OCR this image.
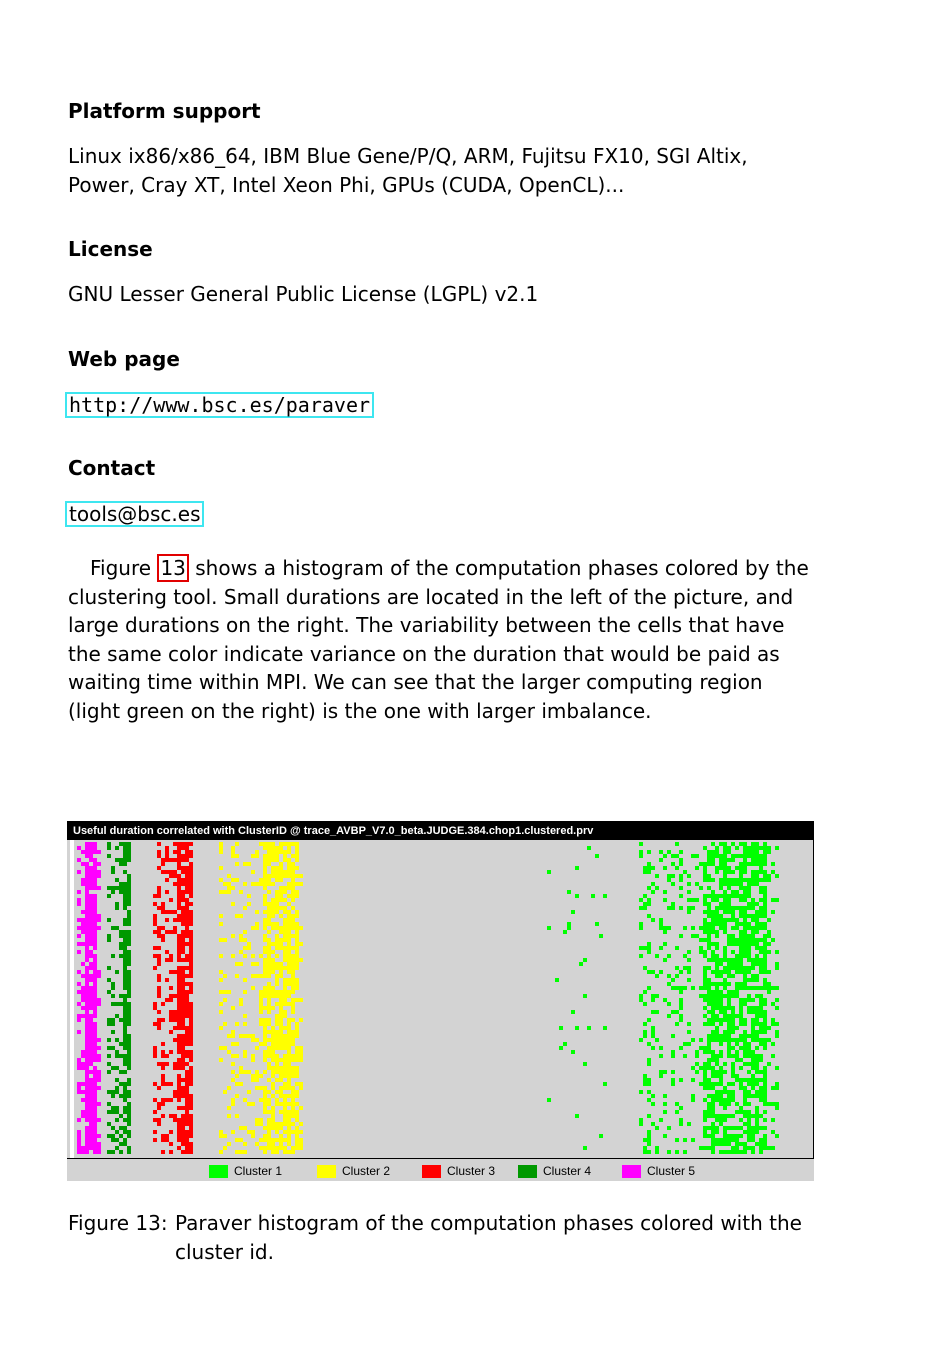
Platform support
Linux ix86/x86_64, IBM Blue Gene/P/Q, ARM, Fujitsu FX10, SGI Altix, Power, Cray XT, Intel Xeon Phi, GPUs (CUDA, OpenCL)...
License
GNU Lesser General Public License (LGPL) v2.1
Web page
http://www.bsc.es/paraver
Contact
tools@bsc.es
Figure 13 shows a histogram of the computation phases colored by the clustering tool. Small durations are located in the left of the picture, and large durations on the right. The variability between the cells that have the same color indicate variance on the duration that would be paid as waiting time within MPI. We can see that the larger computing region (light green on the right) is the one with larger imbalance.
Useful duration correlated with ClusterID @ trace_AVBP_V7.0_beta.JUDGE.384.chop1.clustered.prv
Cluster 1	Cluster 2	Cluster 3	Cluster 4	Cluster 5
Figure 13: Paraver histogram of the computation phases colored with the cluster id.
